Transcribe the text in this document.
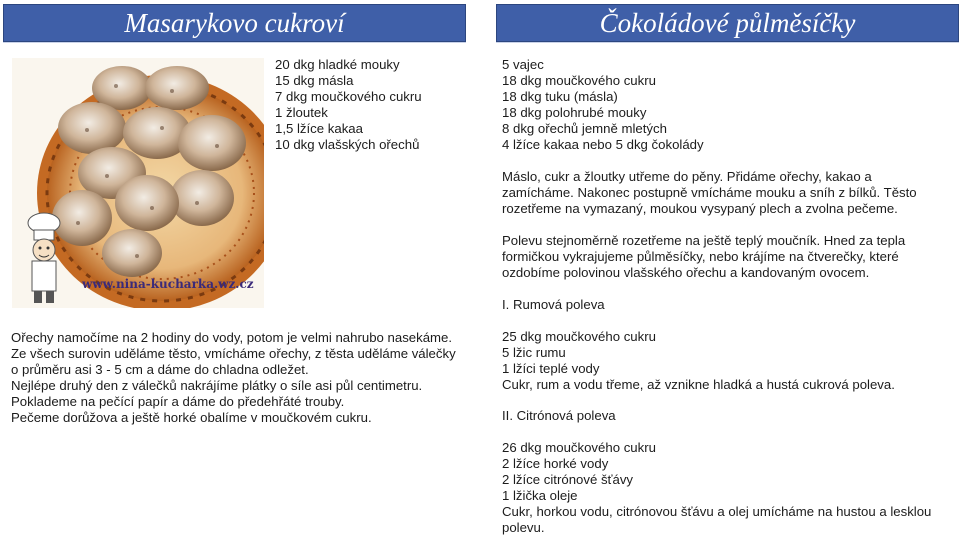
Masarykovo cukroví	Čokoládové půlměsíčky
www.nina-kucharka.wz.cz
20 dkg hladké mouky
15 dkg másla
7 dkg moučkového cukru
1 žloutek
1,5 lžíce kakaa
10 dkg vlašských ořechů
Ořechy namočíme na 2 hodiny do vody, potom je velmi nahrubo nasekáme.
Ze všech surovin uděláme těsto, vmícháme ořechy, z těsta uděláme válečky o průměru asi 3 - 5 cm a dáme do chladna odležet.
Nejlépe druhý den z válečků nakrájíme plátky o síle asi půl centimetru.
Poklademe na pečící papír a dáme do předehřáté trouby.
Pečeme dorůžova a ještě horké obalíme v moučkovém cukru.
5 vajec
18 dkg moučkového cukru
18 dkg tuku (másla)
18 dkg polohrubé mouky
8 dkg ořechů jemně mletých
4 lžíce kakaa nebo 5 dkg čokolády
Máslo, cukr a žloutky utřeme do pěny. Přidáme ořechy, kakao a zamícháme. Nakonec postupně vmícháme mouku a sníh z bílků. Těsto rozetřeme na vymazaný, moukou vysypaný plech a zvolna pečeme.
Polevu stejnoměrně rozetřeme na ještě teplý moučník. Hned za tepla formičkou vykrajujeme půlměsíčky, nebo krájíme na čtverečky, které ozdobíme polovinou vlašského ořechu a kandovaným ovocem.
I. Rumová poleva
25 dkg moučkového cukru
5 lžic rumu
1 lžíci teplé vody
Cukr, rum a vodu třeme, až vznikne hladká a hustá cukrová poleva.
II. Citrónová poleva
26 dkg moučkového cukru
2 lžíce horké vody
2 lžíce citrónové šťávy
1 lžička oleje
Cukr, horkou vodu, citrónovou šťávu a olej umícháme na hustou a lesklou polevu.
